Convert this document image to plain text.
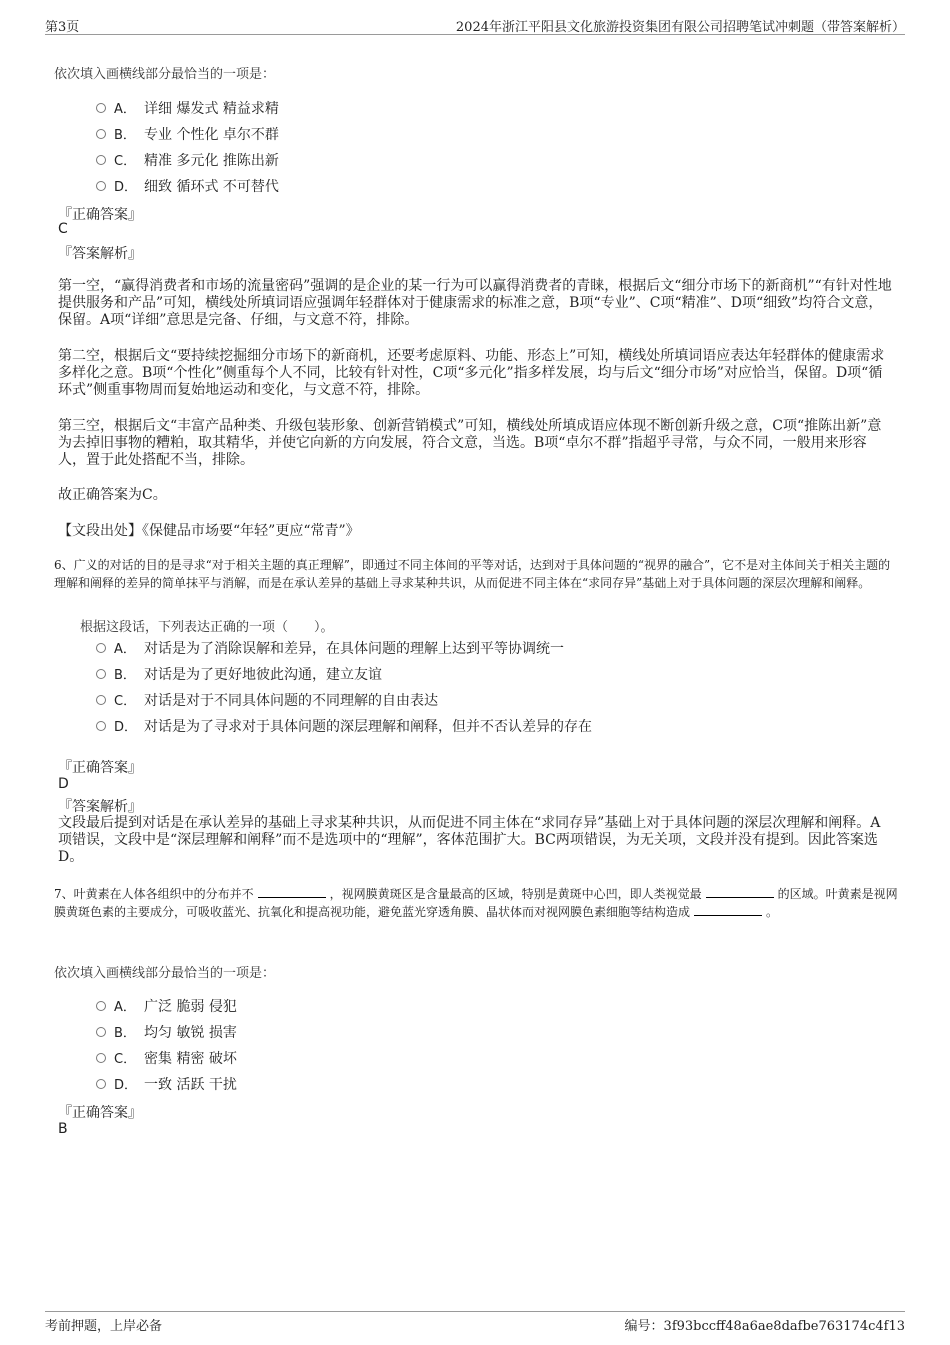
第3页	2024年浙江平阳县文化旅游投资集团有限公司招聘笔试冲刺题（带答案解析）
依次填入画横线部分最恰当的一项是：
A． 详细 爆发式 精益求精
B． 专业 个性化 卓尔不群
C． 精准 多元化 推陈出新
D． 细致 循环式 不可替代
『正确答案』
C
『答案解析』
第一空，“赢得消费者和市场的流量密码”强调的是企业的某一行为可以赢得消费者的青睐，根据后文“细分市场下的新商机”“有针对性地提供服务和产品”可知，横线处所填词语应强调年轻群体对于健康需求的标准之意，B项“专业”、C项“精准”、D项“细致”均符合文意，保留。A项“详细”意思是完备、仔细，与文意不符，排除。
第二空，根据后文“要持续挖掘细分市场下的新商机，还要考虑原料、功能、形态上”可知，横线处所填词语应表达年轻群体的健康需求多样化之意。B项“个性化”侧重每个人不同，比较有针对性，C项“多元化”指多样发展，均与后文“细分市场”对应恰当，保留。D项“循环式”侧重事物周而复始地运动和变化，与文意不符，排除。
第三空，根据后文“丰富产品种类、升级包装形象、创新营销模式”可知，横线处所填成语应体现不断创新升级之意，C项“推陈出新”意为去掉旧事物的糟粕，取其精华，并使它向新的方向发展，符合文意，当选。B项“卓尔不群”指超乎寻常，与众不同，一般用来形容人，置于此处搭配不当，排除。
故正确答案为C。
【文段出处】《保健品市场要“年轻”更应“常青”》
6、广义的对话的目的是寻求“对于相关主题的真正理解”，即通过不同主体间的平等对话，达到对于具体问题的“视界的融合”，它不是对主体间关于相关主题的理解和阐释的差异的简单抹平与消解，而是在承认差异的基础上寻求某种共识，从而促进不同主体在“求同存异”基础上对于具体问题的深层次理解和阐释。
根据这段话，下列表达正确的一项（　　）。
A． 对话是为了消除误解和差异，在具体问题的理解上达到平等协调统一
B． 对话是为了更好地彼此沟通，建立友谊
C． 对话是对于不同具体问题的不同理解的自由表达
D． 对话是为了寻求对于具体问题的深层理解和阐释，但并不否认差异的存在
『正确答案』
D
『答案解析』
文段最后提到对话是在承认差异的基础上寻求某种共识，从而促进不同主体在“求同存异”基础上对于具体问题的深层次理解和阐释。A项错误，文段中是“深层理解和阐释”而不是选项中的“理解”，客体范围扩大。BC两项错误，为无关项，文段并没有提到。因此答案选D。
7、叶黄素在人体各组织中的分布并不	，视网膜黄斑区是含量最高的区域，特别是黄斑中心凹，即人类视觉最	的区域。叶黄素是视网膜黄斑色素的主要成分，可吸收蓝光、抗氧化和提高视功能，避免蓝光穿透角膜、晶状体而对视网膜色素细胞等结构造成	。
依次填入画横线部分最恰当的一项是：
A． 广泛 脆弱 侵犯
B． 均匀 敏锐 损害
C． 密集 精密 破坏
D． 一致 活跃 干扰
『正确答案』
B
考前押题，上岸必备	编号：3f93bccff48a6ae8dafbe763174c4f13
